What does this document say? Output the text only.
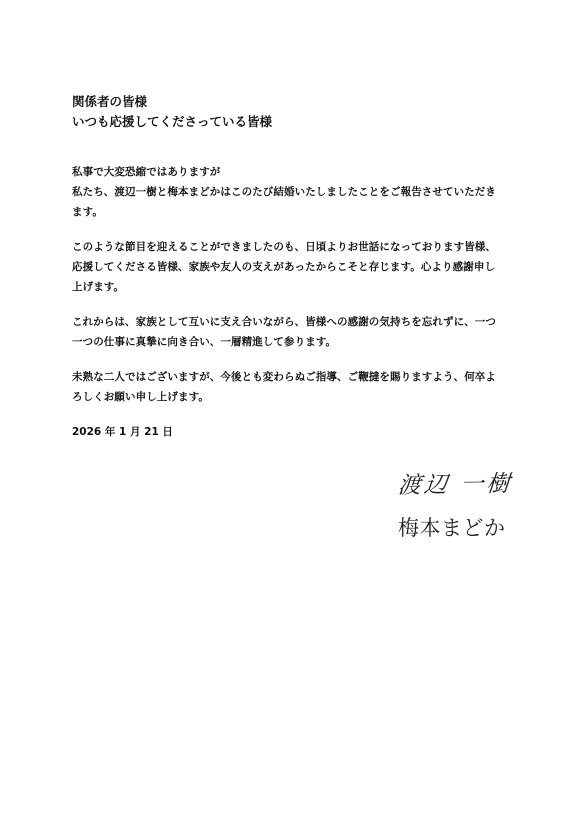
関係者の皆様

いつも応援してくださっている皆様

私事で大変恐縮ではありますが
私たち、渡辺一樹と梅本まどかはこのたび結婚いたしましたことをご報告させていただき
ます。

このような節目を迎えることができましたのも、日頃よりお世話になっております皆様、
応援してくださる皆様、家族や友人の支えがあったからこそと存じます。心より感謝申し
上げます。

これからは、家族として互いに支え合いながら、皆様への感謝の気持ちを忘れずに、一つ
一つの仕事に真摯に向き合い、一層精進して参ります。

未熟な二人ではございますが、今後とも変わらぬご指導、ご鞭撻を賜りますよう、何卒よ
ろしくお願い申し上げます。

2026 年 1 月 21 日

渡辺 一樹
梅本まどか
